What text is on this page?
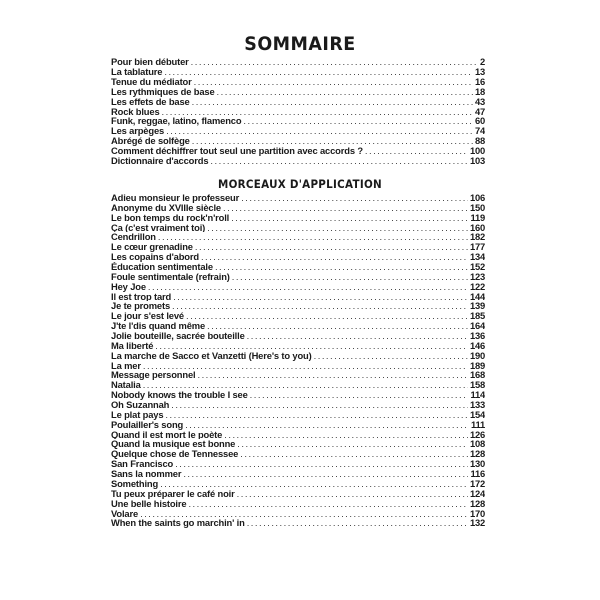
SOMMAIRE
Pour bien débuter .....	2
La tablature .....	13
Tenue du médiator .....	16
Les rythmiques de base .....	18
Les effets de base .....	43
Rock blues .....	47
Funk, reggae, latino, flamenco .....	60
Les arpèges .....	74
Abrégé de solfège .....	88
Comment déchiffrer tout seul une partition avec accords ? .....	100
Dictionnaire d'accords .....	103
MORCEAUX D'APPLICATION
Adieu monsieur le professeur .....	106
Anonyme du XVIIIe siècle .....	150
Le bon temps du rock'n'roll .....	119
Ça (c'est vraiment toi) .....	160
Cendrillon .....	182
Le cœur grenadine .....	177
Les copains d'abord .....	134
Éducation sentimentale .....	152
Foule sentimentale (refrain) .....	123
Hey Joe .....	122
Il est trop tard .....	144
Je te promets .....	139
Le jour s'est levé .....	185
J'te l'dis quand même .....	164
Jolie bouteille, sacrée bouteille .....	136
Ma liberté .....	146
La marche de Sacco et Vanzetti (Here's to you) .....	190
La mer .....	189
Message personnel .....	168
Natalia .....	158
Nobody knows the trouble I see .....	114
Oh Suzannah .....	133
Le plat pays .....	154
Poulailler's song .....	111
Quand il est mort le poète .....	126
Quand la musique est bonne .....	108
Quelque chose de Tennessee .....	128
San Francisco .....	130
Sans la nommer .....	116
Something .....	172
Tu peux préparer le café noir .....	124
Une belle histoire .....	128
Volare .....	170
When the saints go marchin' in .....	132
